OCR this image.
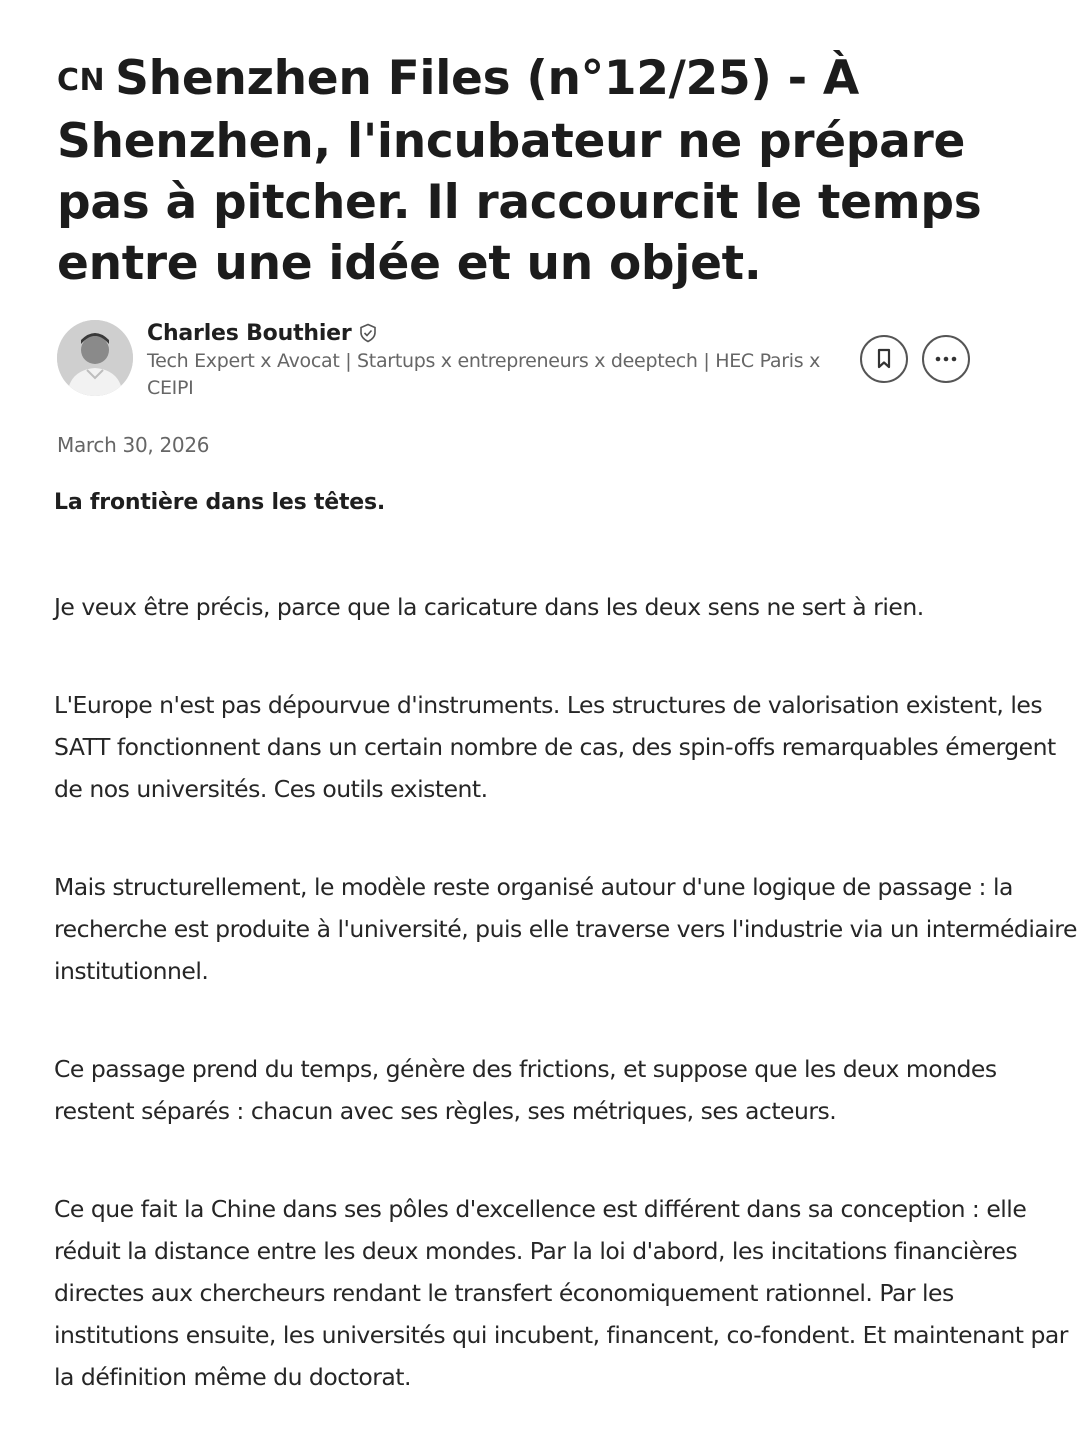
CN Shenzhen Files (n°12/25) - À Shenzhen, l'incubateur ne prépare pas à pitcher. Il raccourcit le temps entre une idée et un objet.
Charles Bouthier
Tech Expert x Avocat | Startups x entrepreneurs x deeptech | HEC Paris x CEIPI
March 30, 2026
La frontière dans les têtes.

Je veux être précis, parce que la caricature dans les deux sens ne sert à rien.

L'Europe n'est pas dépourvue d'instruments. Les structures de valorisation existent, les SATT fonctionnent dans un certain nombre de cas, des spin-offs remarquables émergent de nos universités. Ces outils existent.

Mais structurellement, le modèle reste organisé autour d'une logique de passage : la recherche est produite à l'université, puis elle traverse vers l'industrie via un intermédiaire institutionnel.

Ce passage prend du temps, génère des frictions, et suppose que les deux mondes restent séparés : chacun avec ses règles, ses métriques, ses acteurs.

Ce que fait la Chine dans ses pôles d'excellence est différent dans sa conception : elle réduit la distance entre les deux mondes. Par la loi d'abord, les incitations financières directes aux chercheurs rendant le transfert économiquement rationnel. Par les institutions ensuite, les universités qui incubent, financent, co-fondent. Et maintenant par la définition même du doctorat.
